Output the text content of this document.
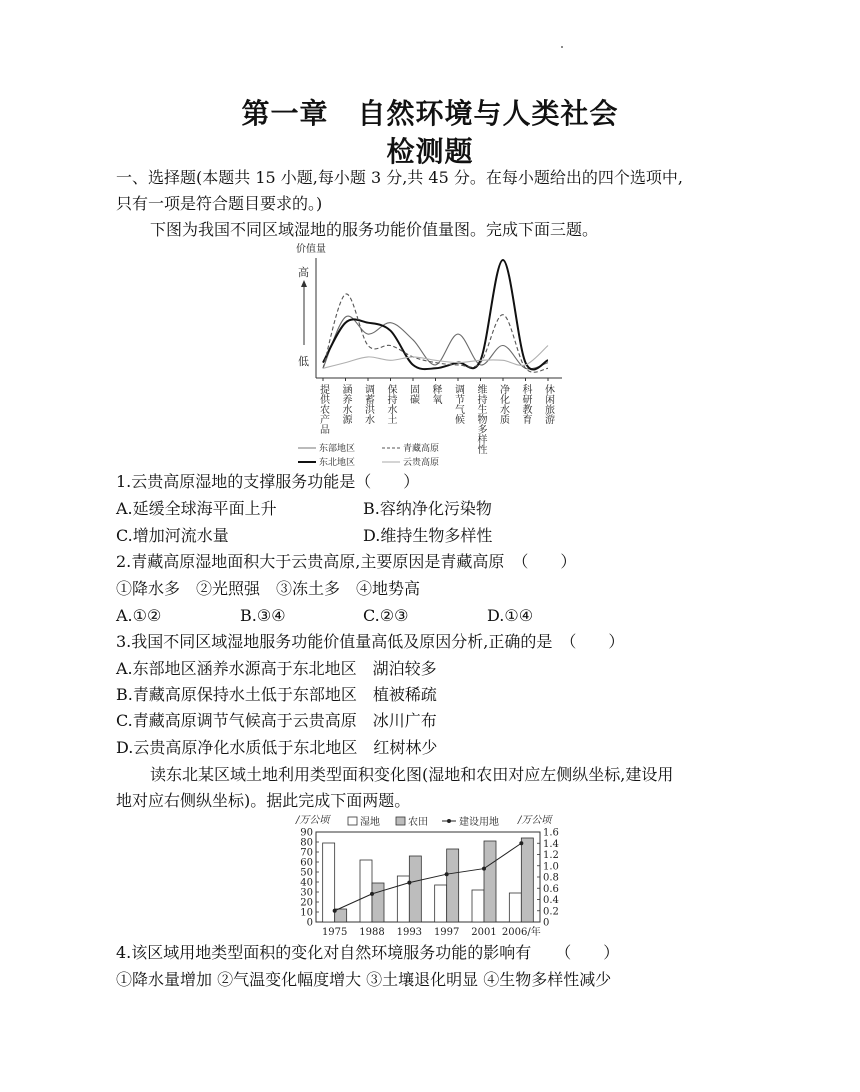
第一章　自然环境与人类社会
检测题
一、选择题(本题共 15 小题,每小题 3 分,共 45 分。在每小题给出的四个选项中,
只有一项是符合题目要求的。)
下图为我国不同区域湿地的服务功能价值量图。完成下面三题。
价值量
高
低
提供农产品 涵养水源 调蓄洪水 保持水土 固碳 释氧 调节气候 维持生物多样性 净化水质 科研教育 休闲旅游
东部地区	青藏高原
东北地区	云贵高原
1.云贵高原湿地的支撑服务功能是（　　）
A.延缓全球海平面上升	B.容纳净化污染物
C.增加河流水量	D.维持生物多样性
2.青藏高原湿地面积大于云贵高原,主要原因是青藏高原　（　　）
①降水多　②光照强　③冻土多　④地势高
A.①②	B.③④	C.②③	D.①④
3.我国不同区域湿地服务功能价值量高低及原因分析,正确的是　（　　）
A.东部地区涵养水源高于东北地区　湖泊较多
B.青藏高原保持水土低于东部地区　植被稀疏
C.青藏高原调节气候高于云贵高原　冰川广布
D.云贵高原净化水质低于东北地区　红树林少
读东北某区域土地利用类型面积变化图(湿地和农田对应左侧纵坐标,建设用
地对应右侧纵坐标)。据此完成下面两题。
/万公顷	/万公顷
湿地	农田	建设用地
0
10
20
30
40
50
60
70
80
90
0
0.2
0.4
0.6
0.8
1.0
1.2
1.4
1.6
1975 1988 1993 1997 2001 2006/年
4.该区域用地类型面积的变化对自然环境服务功能的影响有　　（　　）
①降水量增加 ②气温变化幅度增大 ③土壤退化明显 ④生物多样性减少
